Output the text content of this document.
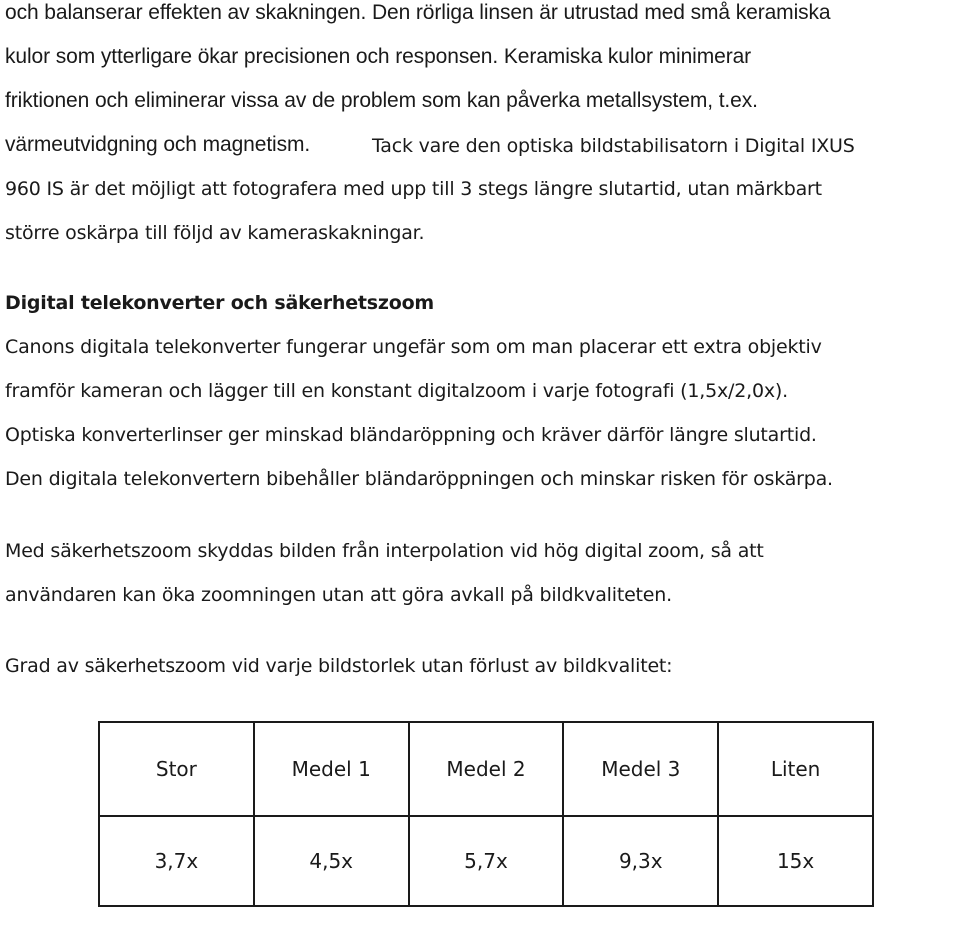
och balanserar effekten av skakningen. Den rörliga linsen är utrustad med små keramiska
kulor som ytterligare ökar precisionen och responsen. Keramiska kulor minimerar
friktionen och eliminerar vissa av de problem som kan påverka metallsystem, t.ex.
värmeutvidgning och magnetism.	Tack vare den optiska bildstabilisatorn i Digital IXUS
960 IS är det möjligt att fotografera med upp till 3 stegs längre slutartid, utan märkbart
större oskärpa till följd av kameraskakningar.
Digital telekonverter och säkerhetszoom
Canons digitala telekonverter fungerar ungefär som om man placerar ett extra objektiv
framför kameran och lägger till en konstant digitalzoom i varje fotografi (1,5x/2,0x).
Optiska konverterlinser ger minskad bländaröppning och kräver därför längre slutartid.
Den digitala telekonvertern bibehåller bländaröppningen och minskar risken för oskärpa.
Med säkerhetszoom skyddas bilden från interpolation vid hög digital zoom, så att
användaren kan öka zoomningen utan att göra avkall på bildkvaliteten.
Grad av säkerhetszoom vid varje bildstorlek utan förlust av bildkvalitet:
Stor	Medel 1	Medel 2	Medel 3	Liten
3,7x	4,5x	5,7x	9,3x	15x
